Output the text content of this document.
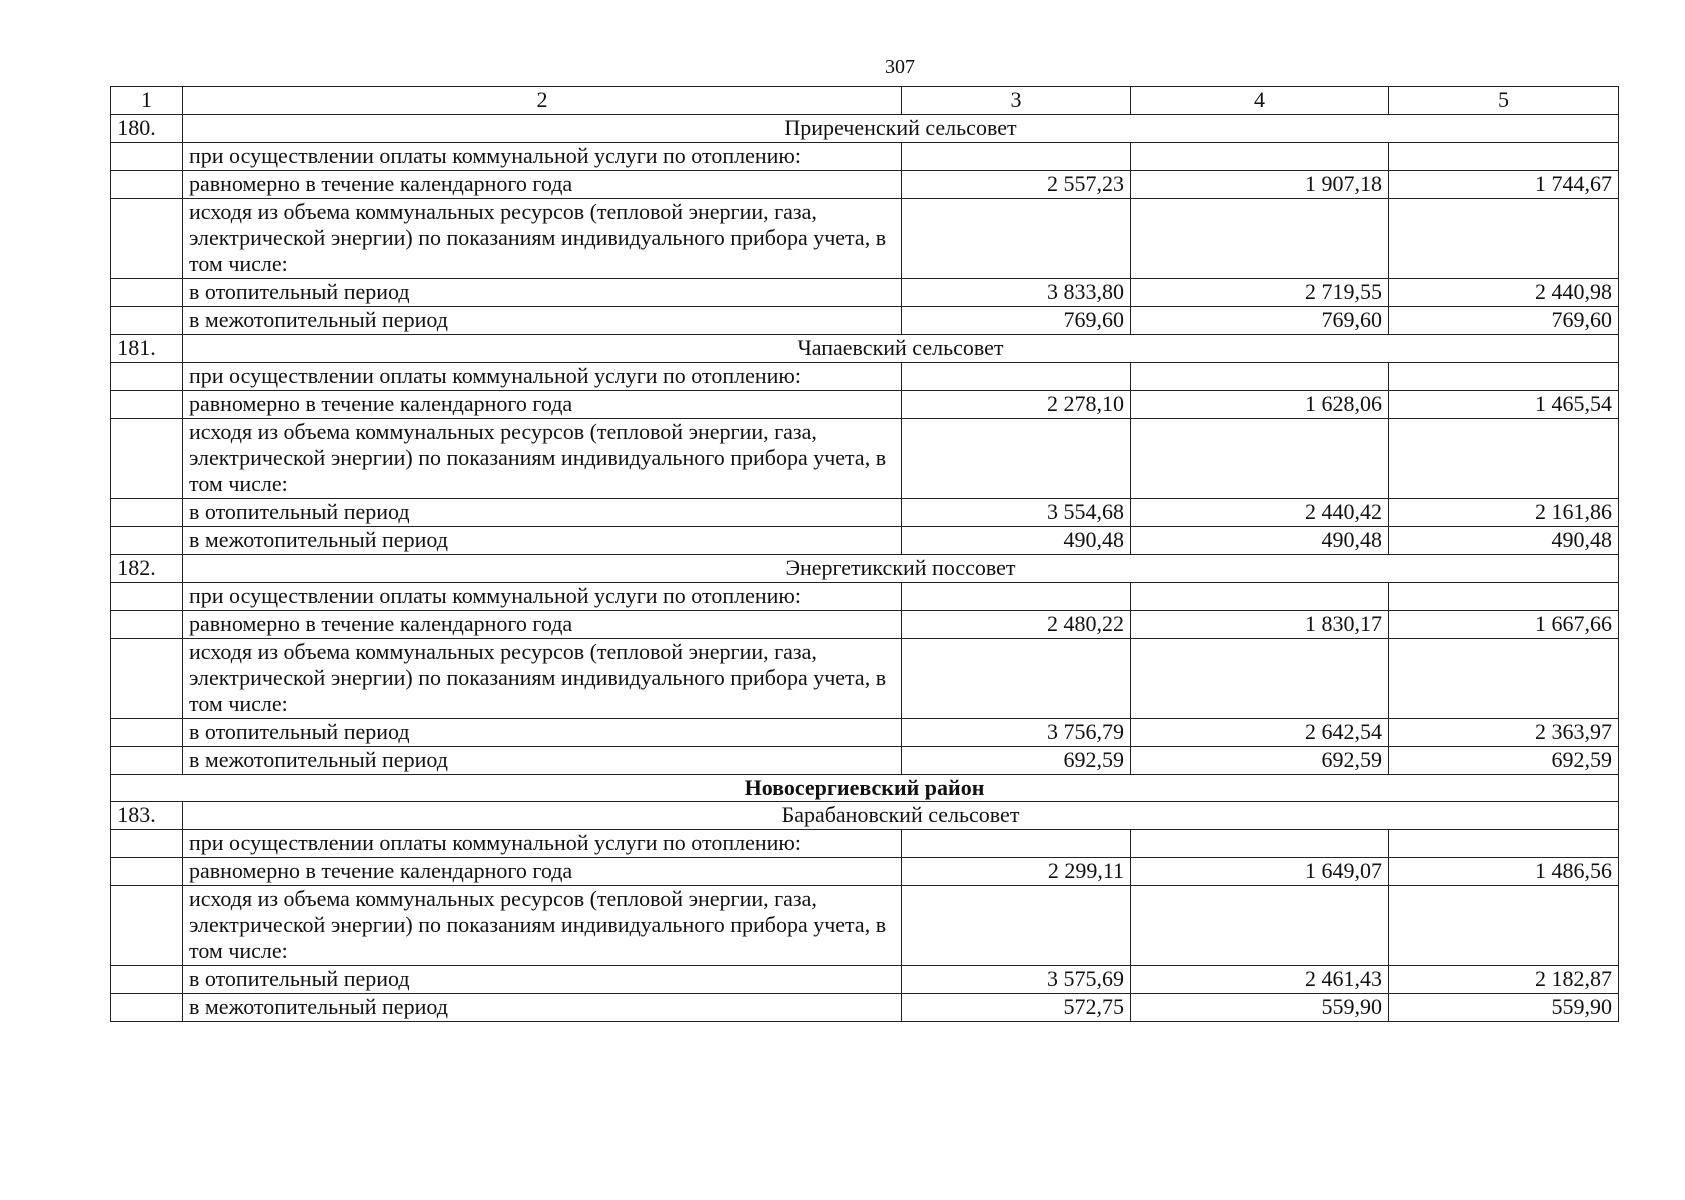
307
1	2	3	4	5
180.	Приреченский сельсовет			
	при осуществлении оплаты коммунальной услуги по отоплению:			
	равномерно в течение календарного года	2 557,23	1 907,18	1 744,67
	исходя из объема коммунальных ресурсов (тепловой энергии, газа, электрической энергии) по показаниям индивидуального прибора учета, в том числе:			
	в отопительный период	3 833,80	2 719,55	2 440,98
	в межотопительный период	769,60	769,60	769,60
181.	Чапаевский сельсовет			
	при осуществлении оплаты коммунальной услуги по отоплению:			
	равномерно в течение календарного года	2 278,10	1 628,06	1 465,54
	исходя из объема коммунальных ресурсов (тепловой энергии, газа, электрической энергии) по показаниям индивидуального прибора учета, в том числе:			
	в отопительный период	3 554,68	2 440,42	2 161,86
	в межотопительный период	490,48	490,48	490,48
182.	Энергетикский поссовет			
	при осуществлении оплаты коммунальной услуги по отоплению:			
	равномерно в течение календарного года	2 480,22	1 830,17	1 667,66
	исходя из объема коммунальных ресурсов (тепловой энергии, газа, электрической энергии) по показаниям индивидуального прибора учета, в том числе:			
	в отопительный период	3 756,79	2 642,54	2 363,97
	в межотопительный период	692,59	692,59	692,59
Новосергиевский район				
183.	Барабановский сельсовет			
	при осуществлении оплаты коммунальной услуги по отоплению:			
	равномерно в течение календарного года	2 299,11	1 649,07	1 486,56
	исходя из объема коммунальных ресурсов (тепловой энергии, газа, электрической энергии) по показаниям индивидуального прибора учета, в том числе:			
	в отопительный период	3 575,69	2 461,43	2 182,87
	в межотопительный период	572,75	559,90	559,90
